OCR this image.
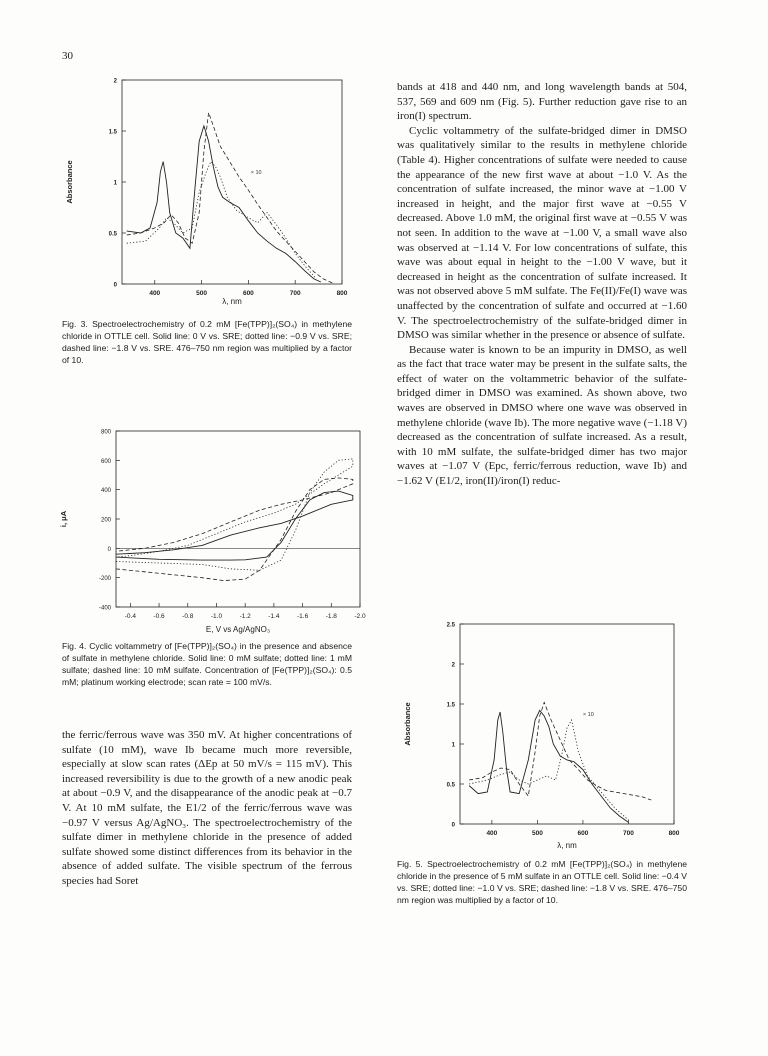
30
400	500	600	700	800
0
0.5
1
1.5
2
λ, nm
Absorbance	× 10
Fig. 3. Spectroelectrochemistry of 0.2 mM [Fe(TPP)]₂(SO₄) in methylene chloride in OTTLE cell. Solid line: 0 V vs. SRE; dotted line: −0.9 V vs. SRE; dashed line: −1.8 V vs. SRE. 476–750 nm region was multiplied by a factor of 10.
-0.4	-0.6	-0.8	-1.0	-1.2	-1.4	-1.6	-1.8	-2.0
-400
-200
0
200
400
600
800
E, V vs Ag/AgNO₃
i, μA
Fig. 4. Cyclic voltammetry of [Fe(TPP)]₂(SO₄) in the presence and absence of sulfate in methylene chloride. Solid line: 0 mM sulfate; dotted line: 1 mM sulfate; dashed line: 10 mM sulfate. Concentration of [Fe(TPP)]₂(SO₄): 0.5 mM; platinum working electrode; scan rate = 100 mV/s.

the ferric/ferrous wave was 350 mV. At higher concentrations of sulfate (10 mM), wave Ib became much more reversible, especially at slow scan rates (ΔEp at 50 mV/s = 115 mV). This increased reversibility is due to the growth of a new anodic peak at about −0.9 V, and the disappearance of the anodic peak at −0.7 V. At 10 mM sulfate, the E1/2 of the ferric/ferrous wave was −0.97 V versus Ag/AgNO₃. The spectroelectrochemistry of the sulfate dimer in methylene chloride in the presence of added sulfate showed some distinct differences from its behavior in the absence of added sulfate. The visible spectrum of the ferrous species had Soret

bands at 418 and 440 nm, and long wavelength bands at 504, 537, 569 and 609 nm (Fig. 5). Further reduction gave rise to an iron(I) spectrum.

Cyclic voltammetry of the sulfate-bridged dimer in DMSO was qualitatively similar to the results in methylene chloride (Table 4). Higher concentrations of sulfate were needed to cause the appearance of the new first wave at about −1.0 V. As the concentration of sulfate increased, the minor wave at −1.00 V increased in height, and the major first wave at −0.55 V decreased. Above 1.0 mM, the original first wave at −0.55 V was not seen. In addition to the wave at −1.00 V, a small wave also was observed at −1.14 V. For low concentrations of sulfate, this wave was about equal in height to the −1.00 V wave, but it decreased in height as the concentration of sulfate increased. It was not observed above 5 mM sulfate. The Fe(II)/Fe(I) wave was unaffected by the concentration of sulfate and occurred at −1.60 V. The spectroelectrochemistry of the sulfate-bridged dimer in DMSO was similar whether in the presence or absence of sulfate.

Because water is known to be an impurity in DMSO, as well as the fact that trace water may be present in the sulfate salts, the effect of water on the voltammetric behavior of the sulfate-bridged dimer in DMSO was examined. As shown above, two waves are observed in DMSO where one wave was observed in methylene chloride (wave Ib). The more negative wave (−1.18 V) decreased as the concentration of sulfate increased. As a result, with 10 mM sulfate, the sulfate-bridged dimer has two major waves at −1.07 V (Epc, ferric/ferrous reduction, wave Ib) and −1.62 V (E1/2, iron(II)/iron(I) reduc-

400	500	600	700	800
0
0.5
1
1.5
2
2.5
λ, nm
Absorbance	× 10
Fig. 5. Spectroelectrochemistry of 0.2 mM [Fe(TPP)]₂(SO₄) in methylene chloride in the presence of 5 mM sulfate in an OTTLE cell. Solid line: −0.4 V vs. SRE; dotted line: −1.0 V vs. SRE; dashed line: −1.8 V vs. SRE. 476–750 nm region was multiplied by a factor of 10.
